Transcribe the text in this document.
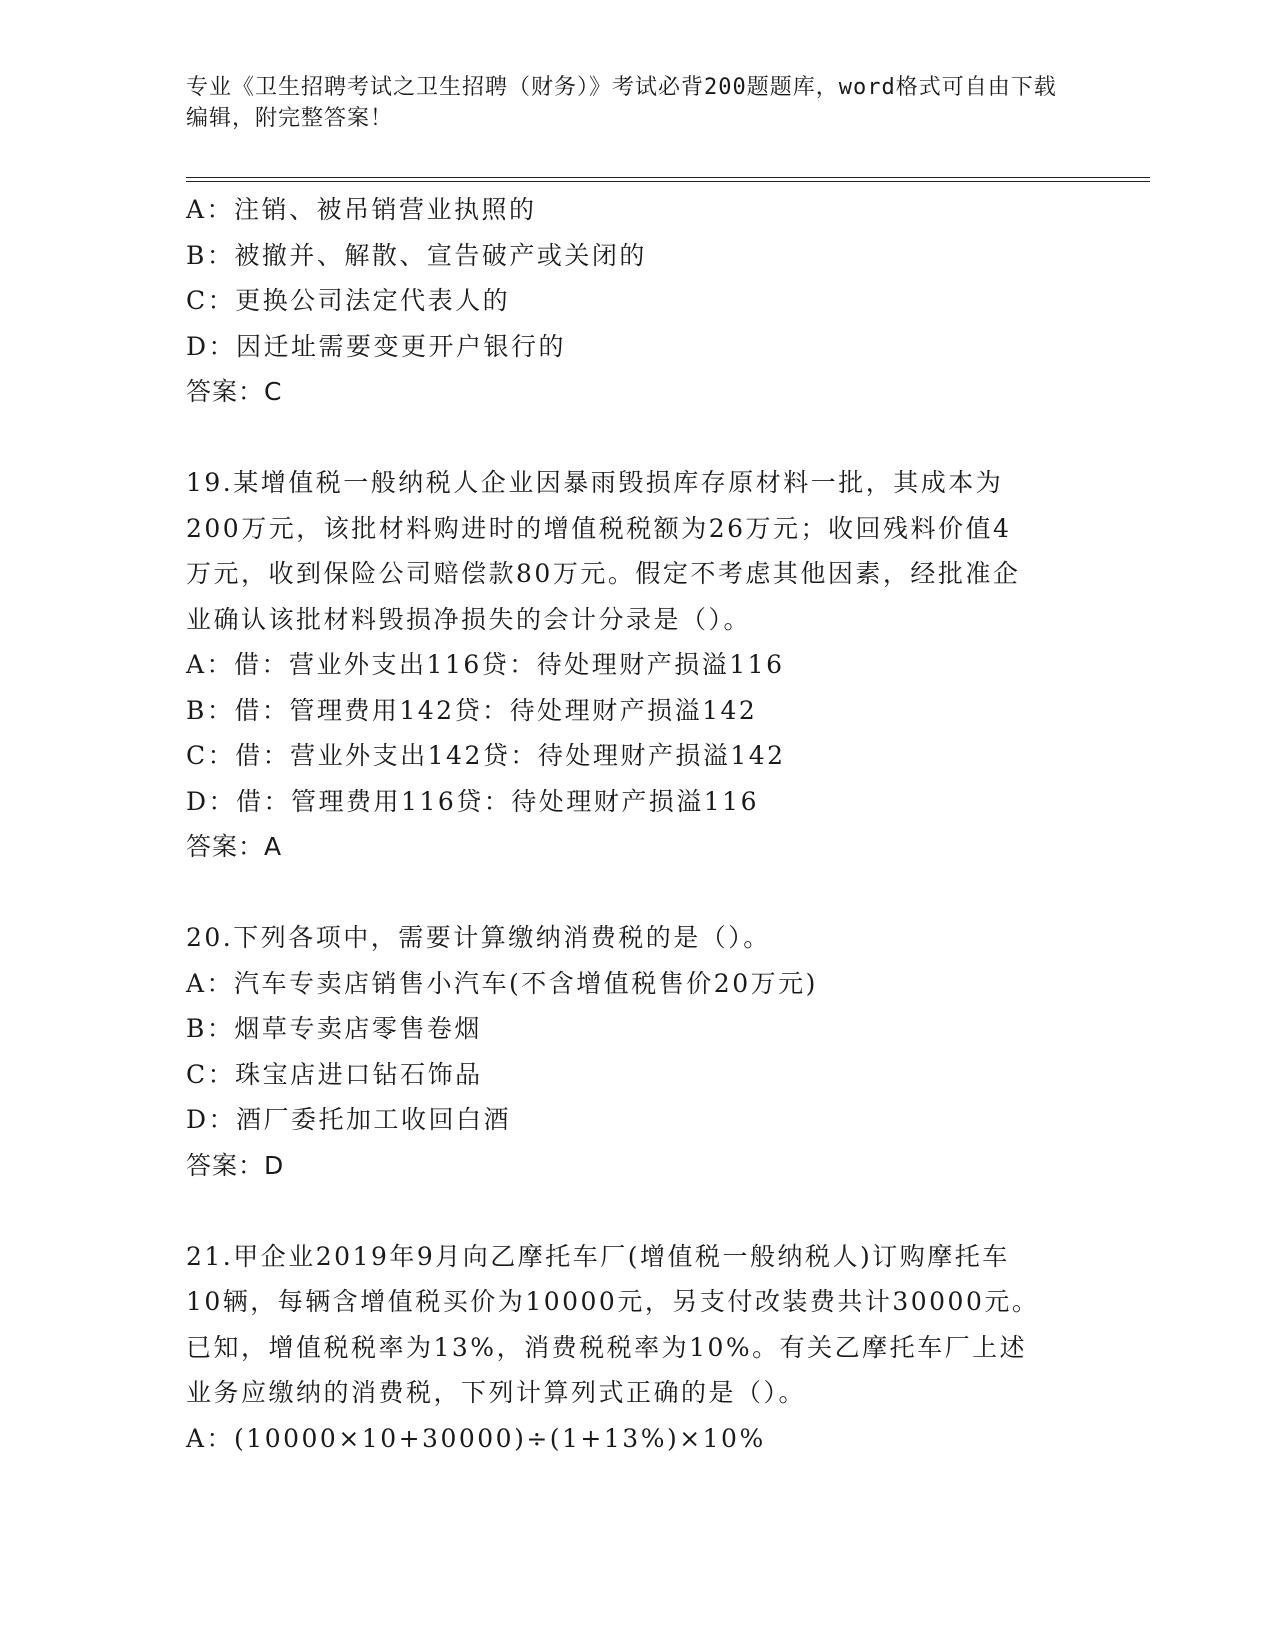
专业《卫生招聘考试之卫生招聘（财务）》考试必背200题题库，word格式可自由下载编辑，附完整答案！
A：注销、被吊销营业执照的
B：被撤并、解散、宣告破产或关闭的
C：更换公司法定代表人的
D：因迁址需要变更开户银行的
答案：C
19.某增值税一般纳税人企业因暴雨毁损库存原材料一批，其成本为
200万元，该批材料购进时的增值税税额为26万元；收回残料价值4
万元，收到保险公司赔偿款80万元。假定不考虑其他因素，经批准企
业确认该批材料毁损净损失的会计分录是（）。
A：借：营业外支出116贷：待处理财产损溢116
B：借：管理费用142贷：待处理财产损溢142
C：借：营业外支出142贷：待处理财产损溢142
D：借：管理费用116贷：待处理财产损溢116
答案：A
20.下列各项中，需要计算缴纳消费税的是（）。
A：汽车专卖店销售小汽车(不含增值税售价20万元)
B：烟草专卖店零售卷烟
C：珠宝店进口钻石饰品
D：酒厂委托加工收回白酒
答案：D
21.甲企业2019年9月向乙摩托车厂(增值税一般纳税人)订购摩托车
10辆，每辆含增值税买价为10000元，另支付改装费共计30000元。
已知，增值税税率为13%，消费税税率为10%。有关乙摩托车厂上述
业务应缴纳的消费税，下列计算列式正确的是（）。
A：(10000×10+30000)÷(1+13%)×10%
